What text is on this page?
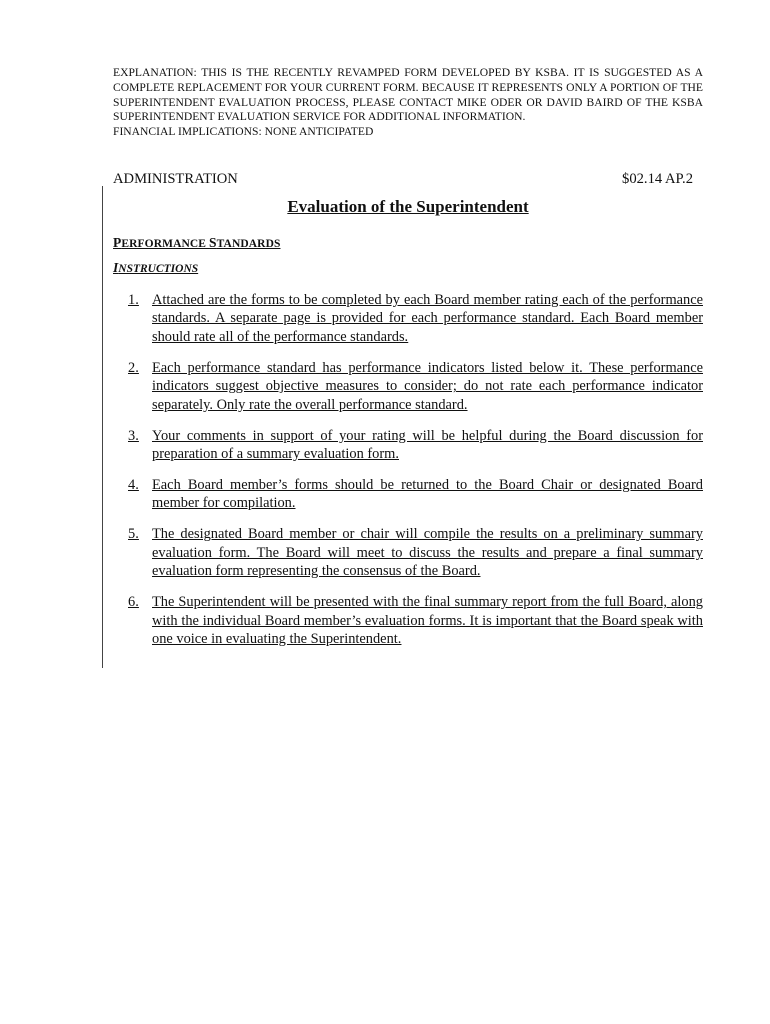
EXPLANATION: THIS IS THE RECENTLY REVAMPED FORM DEVELOPED BY KSBA. IT IS SUGGESTED AS A COMPLETE REPLACEMENT FOR YOUR CURRENT FORM. BECAUSE IT REPRESENTS ONLY A PORTION OF THE SUPERINTENDENT EVALUATION PROCESS, PLEASE CONTACT MIKE ODER OR DAVID BAIRD OF THE KSBA SUPERINTENDENT EVALUATION SERVICE FOR ADDITIONAL INFORMATION.

FINANCIAL IMPLICATIONS: NONE ANTICIPATED

ADMINISTRATION	$02.14 AP.2
Evaluation of the Superintendent
PERFORMANCE STANDARDS
INSTRUCTIONS
1. Attached are the forms to be completed by each Board member rating each of the performance standards. A separate page is provided for each performance standard. Each Board member should rate all of the performance standards.
2. Each performance standard has performance indicators listed below it. These performance indicators suggest objective measures to consider; do not rate each performance indicator separately. Only rate the overall performance standard.
3. Your comments in support of your rating will be helpful during the Board discussion for preparation of a summary evaluation form.
4. Each Board member’s forms should be returned to the Board Chair or designated Board member for compilation.
5. The designated Board member or chair will compile the results on a preliminary summary evaluation form. The Board will meet to discuss the results and prepare a final summary evaluation form representing the consensus of the Board.
6. The Superintendent will be presented with the final summary report from the full Board, along with the individual Board member’s evaluation forms. It is important that the Board speak with one voice in evaluating the Superintendent.
